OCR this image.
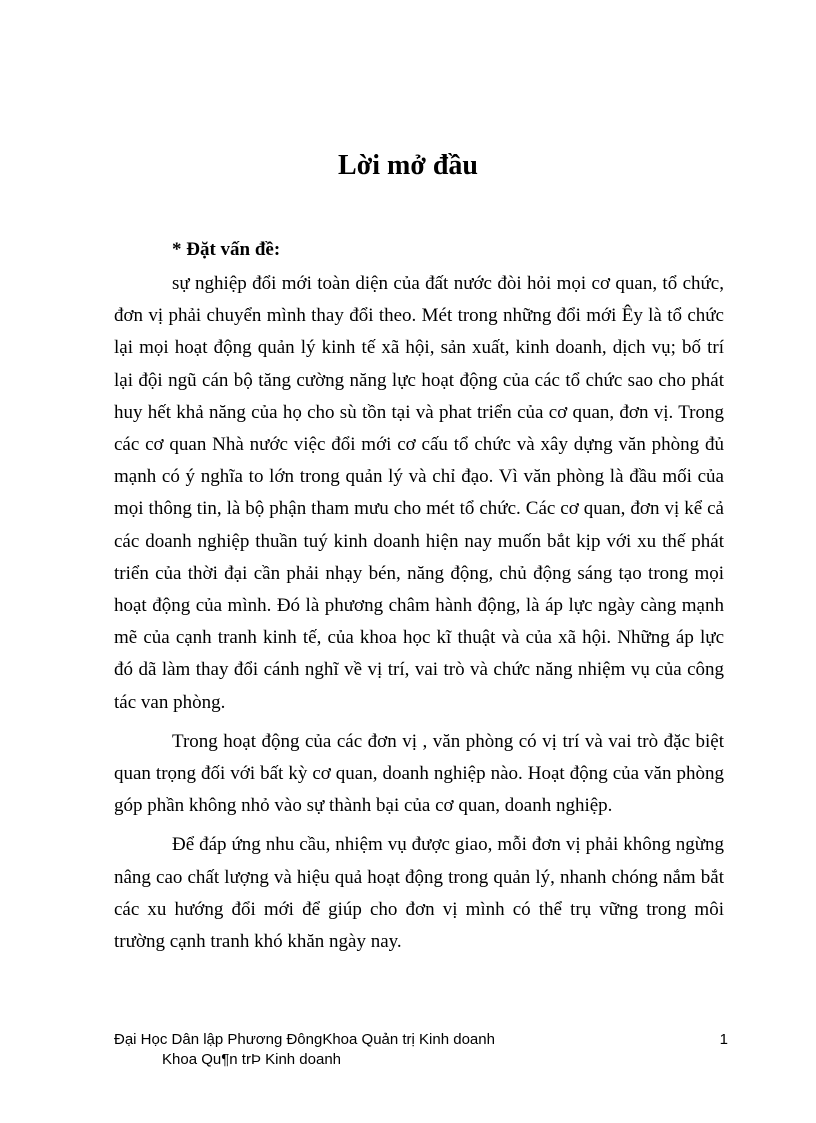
Lời mở đầu
* Đặt vấn đề:

sự nghiệp đổi mới toàn diện của đất nước đòi hỏi mọi cơ quan, tổ chức, đơn vị phải chuyển mình thay đổi theo. Mét trong những đổi mới Êy là tổ chức lại mọi hoạt động quản lý kinh tế xã hội, sản xuất, kinh doanh, dịch vụ; bố trí lại đội ngũ cán bộ tăng cường năng lực hoạt động của các tổ chức sao cho phát huy hết khả năng của họ cho sù tồn tại và phat triển của cơ quan, đơn vị. Trong các cơ quan Nhà nước việc đổi mới cơ cấu tổ chức và xây dựng văn phòng đủ mạnh có ý nghĩa to lớn trong quản lý và chỉ đạo. Vì văn phòng là đầu mối của mọi thông tin, là bộ phận tham mưu cho mét tổ chức. Các cơ quan, đơn vị kể cả các doanh nghiệp thuần tuý kinh doanh hiện nay muốn bắt kịp với xu thế phát triển của thời đại cần phải nhạy bén, năng động, chủ động sáng tạo trong mọi hoạt động của mình. Đó là phương châm hành động, là áp lực ngày càng mạnh mẽ của cạnh tranh kinh tế, của khoa học kĩ thuật và của xã hội. Những áp lực đó dã làm thay đổi cánh nghĩ về vị trí, vai trò và chức năng nhiệm vụ của công tác van phòng.

Trong hoạt động của các đơn vị , văn phòng có vị trí và vai trò đặc biệt quan trọng đối với bất kỳ cơ quan, doanh nghiệp nào. Hoạt động của văn phòng góp phần không nhỏ vào sự thành bại của cơ quan, doanh nghiệp.

Để đáp ứng nhu cầu, nhiệm vụ được giao, mỗi đơn vị phải không ngừng nâng cao chất lượng và hiệu quả hoạt động trong quản lý, nhanh chóng nắm bắt các xu hướng đổi mới để giúp cho đơn vị mình có thể trụ vững trong môi trường cạnh tranh khó khăn ngày nay.

Đại Học Dân lập Phương ĐôngKhoa Quản trị Kinh doanh
Khoa Qu¶n trÞ Kinh doanh
1
